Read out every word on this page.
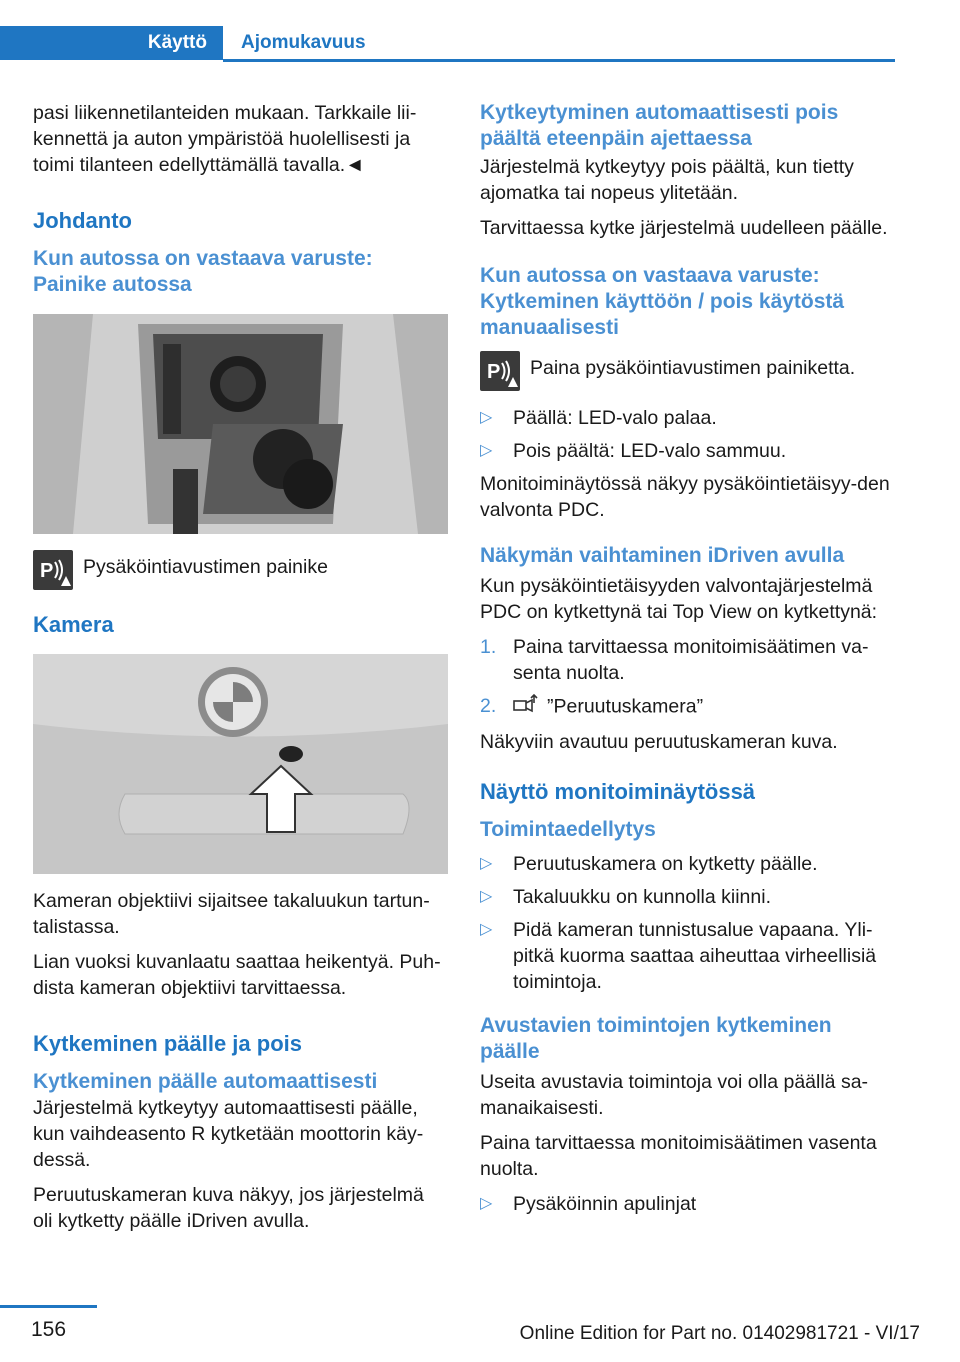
Käyttö	Ajomukavuus

pasi liikennetilanteiden mukaan. Tarkkaile lii-kennettä ja auton ympäristöä huolellisesti ja toimi tilanteen edellyttämällä tavalla.◄

Johdanto
Kun autossa on vastaava varuste: Painike autossa
P Pysäköintiavustimen painike
Kamera

Kameran objektiivi sijaitsee takaluukun tartun-talistassa.

Lian vuoksi kuvanlaatu saattaa heikentyä. Puh-dista kameran objektiivi tarvittaessa.

Kytkeminen päälle ja pois
Kytkeminen päälle automaattisesti

Järjestelmä kytkeytyy automaattisesti päälle, kun vaihdeasento R kytketään moottorin käy-dessä.

Peruutuskameran kuva näkyy, jos järjestelmä oli kytketty päälle iDriven avulla.

Kytkeytyminen automaattisesti pois päältä eteenpäin ajettaessa

Järjestelmä kytkeytyy pois päältä, kun tietty ajomatka tai nopeus ylitetään.

Tarvittaessa kytke järjestelmä uudelleen päälle.

Kun autossa on vastaava varuste: Kytkeminen käyttöön / pois käytöstä manuaalisesti
P Paina pysäköintiavustimen painiketta.
▷ Päällä: LED-valo palaa.
▷ Pois päältä: LED-valo sammuu.

Monitoiminäytössä näkyy pysäköintietäisyy-den valvonta PDC.

Näkymän vaihtaminen iDriven avulla

Kun pysäköintietäisyyden valvontajärjestelmä PDC on kytkettynä tai Top View on kytkettynä:

1. Paina tarvittaessa monitoimisäätimen va-senta nuolta.
2.	”Peruutuskamera”

Näkyviin avautuu peruutuskameran kuva.

Näyttö monitoiminäytössä
Toimintaedellytys
▷ Peruutuskamera on kytketty päälle.
▷ Takaluukku on kunnolla kiinni.
▷ Pidä kameran tunnistusalue vapaana. Yli-pitkä kuorma saattaa aiheuttaa virheellisiä toimintoja.
Avustavien toimintojen kytkeminen päälle

Useita avustavia toimintoja voi olla päällä sa-manaikaisesti.

Paina tarvittaessa monitoimisäätimen vasenta nuolta.

▷ Pysäköinnin apulinjat
156	Online Edition for Part no. 01402981721 - VI/17
